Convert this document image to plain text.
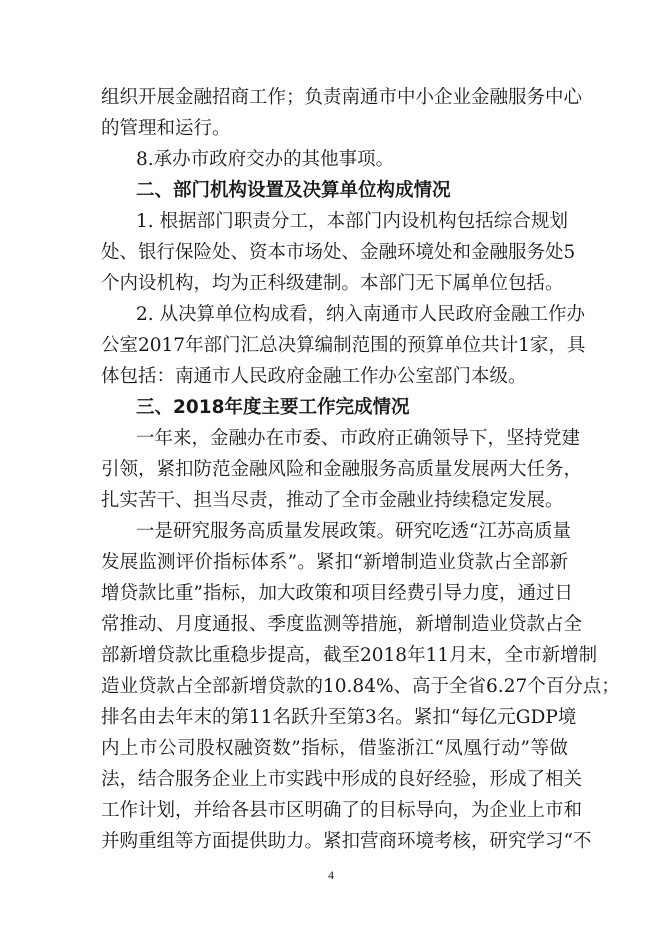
4
组织开展金融招商工作；负责南通市中小企业金融服务中心
的管理和运行。
8.承办市政府交办的其他事项。
二、部门机构设置及决算单位构成情况
1. 根据部门职责分工，本部门内设机构包括综合规划
处、银行保险处、资本市场处、金融环境处和金融服务处5
个内设机构，均为正科级建制。本部门无下属单位包括。
2. 从决算单位构成看，纳入南通市人民政府金融工作办
公室2017年部门汇总决算编制范围的预算单位共计1家，具
体包括：南通市人民政府金融工作办公室部门本级。
三、2018年度主要工作完成情况
一年来，金融办在市委、市政府正确领导下，坚持党建
引领，紧扣防范金融风险和金融服务高质量发展两大任务，
扎实苦干、担当尽责，推动了全市金融业持续稳定发展。
一是研究服务高质量发展政策。研究吃透“江苏高质量
发展监测评价指标体系”。紧扣“新增制造业贷款占全部新
增贷款比重”指标，加大政策和项目经费引导力度，通过日
常推动、月度通报、季度监测等措施，新增制造业贷款占全
部新增贷款比重稳步提高，截至2018年11月末，全市新增制
造业贷款占全部新增贷款的10.84%、高于全省6.27个百分点；
排名由去年末的第11名跃升至第3名。紧扣“每亿元GDP境
内上市公司股权融资数”指标，借鉴浙江“凤凰行动”等做
法，结合服务企业上市实践中形成的良好经验，形成了相关
工作计划，并给各县市区明确了的目标导向，为企业上市和
并购重组等方面提供助力。紧扣营商环境考核，研究学习“不
